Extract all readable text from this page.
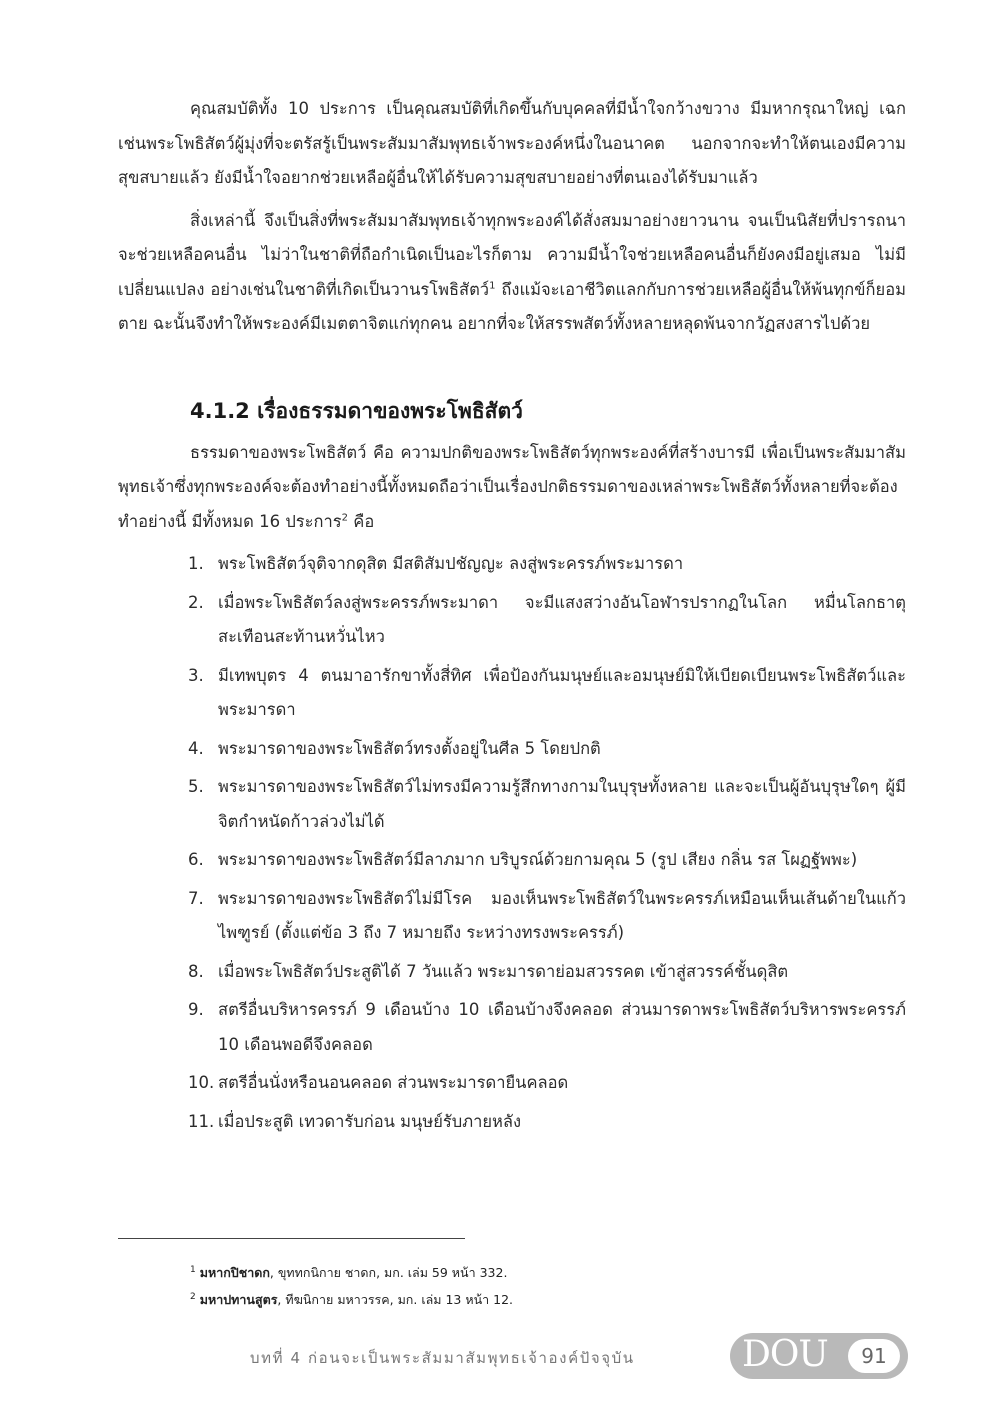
คุณสมบัติทั้ง 10 ประการ เป็นคุณสมบัติที่เกิดขึ้นกับบุคคลที่มีน้ำใจกว้างขวาง มีมหากรุณาใหญ่ เฉกเช่นพระโพธิสัตว์ผู้มุ่งที่จะตรัสรู้เป็นพระสัมมาสัมพุทธเจ้าพระองค์หนึ่งในอนาคต นอกจากจะทำให้ตนเองมีความสุขสบายแล้ว ยังมีน้ำใจอยากช่วยเหลือผู้อื่นให้ได้รับความสุขสบายอย่างที่ตนเองได้รับมาแล้ว

สิ่งเหล่านี้ จึงเป็นสิ่งที่พระสัมมาสัมพุทธเจ้าทุกพระองค์ได้สั่งสมมาอย่างยาวนาน จนเป็นนิสัยที่ปรารถนาจะช่วยเหลือคนอื่น ไม่ว่าในชาติที่ถือกำเนิดเป็นอะไรก็ตาม ความมีน้ำใจช่วยเหลือคนอื่นก็ยังคงมีอยู่เสมอ ไม่มีเปลี่ยนแปลง อย่างเช่นในชาติที่เกิดเป็นวานรโพธิสัตว์$^1$ ถึงแม้จะเอาชีวิตแลกกับการช่วยเหลือผู้อื่นให้พ้นทุกข์ก็ยอมตาย ฉะนั้นจึงทำให้พระองค์มีเมตตาจิตแก่ทุกคน อยากที่จะให้สรรพสัตว์ทั้งหลายหลุดพ้นจากวัฏสงสารไปด้วย

4.1.2 เรื่องธรรมดาของพระโพธิสัตว์

ธรรมดาของพระโพธิสัตว์ คือ ความปกติของพระโพธิสัตว์ทุกพระองค์ที่สร้างบารมี เพื่อเป็นพระสัมมาสัมพุทธเจ้าซึ่งทุกพระองค์จะต้องทำอย่างนี้ทั้งหมดถือว่าเป็นเรื่องปกติธรรมดาของเหล่าพระโพธิสัตว์ทั้งหลายที่จะต้องทำอย่างนี้ มีทั้งหมด 16 ประการ$^2$ คือ

1. พระโพธิสัตว์จุติจากดุสิต มีสติสัมปชัญญะ ลงสู่พระครรภ์พระมารดา
2. เมื่อพระโพธิสัตว์ลงสู่พระครรภ์พระมาดา จะมีแสงสว่างอันโอฬารปรากฏในโลก หมื่นโลกธาตุสะเทือนสะท้านหวั่นไหว
3. มีเทพบุตร 4 ตนมาอารักขาทั้งสี่ทิศ เพื่อป้องกันมนุษย์และอมนุษย์มิให้เบียดเบียนพระโพธิสัตว์และพระมารดา
4. พระมารดาของพระโพธิสัตว์ทรงตั้งอยู่ในศีล 5 โดยปกติ
5. พระมารดาของพระโพธิสัตว์ไม่ทรงมีความรู้สึกทางกามในบุรุษทั้งหลาย และจะเป็นผู้อันบุรุษใดๆ ผู้มีจิตกำหนัดก้าวล่วงไม่ได้
6. พระมารดาของพระโพธิสัตว์มีลาภมาก บริบูรณ์ด้วยกามคุณ 5 (รูป เสียง กลิ่น รส โผฏฐัพพะ)
7. พระมารดาของพระโพธิสัตว์ไม่มีโรค มองเห็นพระโพธิสัตว์ในพระครรภ์เหมือนเห็นเส้นด้ายในแก้วไพฑูรย์ (ตั้งแต่ข้อ 3 ถึง 7 หมายถึง ระหว่างทรงพระครรภ์)
8. เมื่อพระโพธิสัตว์ประสูติได้ 7 วันแล้ว พระมารดาย่อมสวรรคต เข้าสู่สวรรค์ชั้นดุสิต
9. สตรีอื่นบริหารครรภ์ 9 เดือนบ้าง 10 เดือนบ้างจึงคลอด ส่วนมารดาพระโพธิสัตว์บริหารพระครรภ์ 10 เดือนพอดีจึงคลอด
10. สตรีอื่นนั่งหรือนอนคลอด ส่วนพระมารดายืนคลอด
11. เมื่อประสูติ เทวดารับก่อน มนุษย์รับภายหลัง
$^1$ มหากปิชาดก, ขุททกนิกาย ชาดก, มก. เล่ม 59 หน้า 332.
$^2$ มหาปทานสูตร, ทีฆนิกาย มหาวรรค, มก. เล่ม 13 หน้า 12.
บทที่ 4 ก่อนจะเป็นพระสัมมาสัมพุทธเจ้าองค์ปัจจุบัน	DOU	91
